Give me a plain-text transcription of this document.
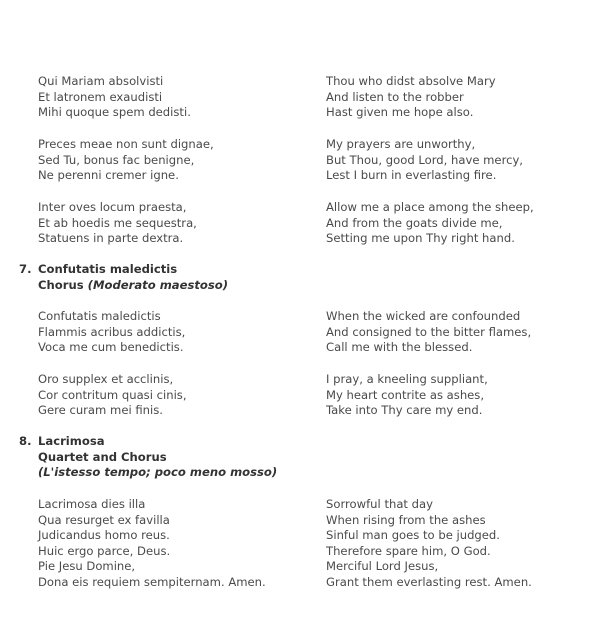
Qui Mariam absolvisti
Et latronem exaudisti
Mihi quoque spem dedisti.
Thou who didst absolve Mary
And listen to the robber
Hast given me hope also.
Preces meae non sunt dignae,
Sed Tu, bonus fac benigne,
Ne perenni cremer igne.
My prayers are unworthy,
But Thou, good Lord, have mercy,
Lest I burn in everlasting fire.
Inter oves locum praesta,
Et ab hoedis me sequestra,
Statuens in parte dextra.
Allow me a place among the sheep,
And from the goats divide me,
Setting me upon Thy right hand.
7. Confutatis maledictis
Chorus (Moderato maestoso)
Confutatis maledictis
Flammis acribus addictis,
Voca me cum benedictis.
When the wicked are confounded
And consigned to the bitter flames,
Call me with the blessed.
Oro supplex et acclinis,
Cor contritum quasi cinis,
Gere curam mei finis.
I pray, a kneeling suppliant,
My heart contrite as ashes,
Take into Thy care my end.
8. Lacrimosa
Quartet and Chorus
(L'istesso tempo; poco meno mosso)
Lacrimosa dies illa
Qua resurget ex favilla
Judicandus homo reus.
Huic ergo parce, Deus.
Pie Jesu Domine,
Dona eis requiem sempiternam. Amen.
Sorrowful that day
When rising from the ashes
Sinful man goes to be judged.
Therefore spare him, O God.
Merciful Lord Jesus,
Grant them everlasting rest. Amen.
